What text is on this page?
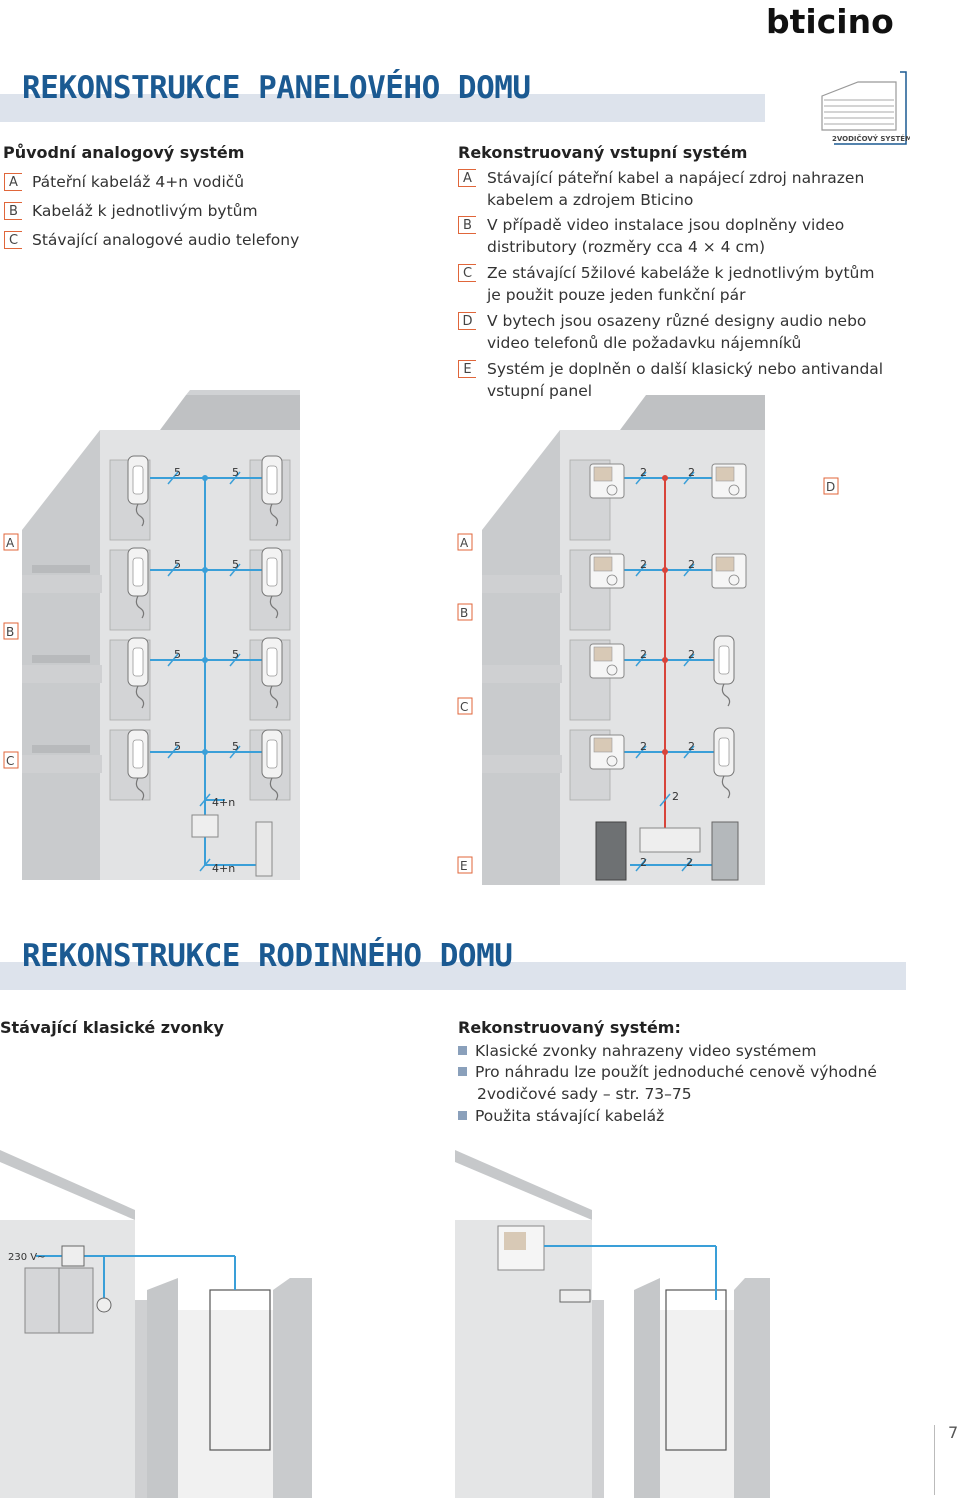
bticino
REKONSTRUKCE PANELOVÉHO DOMU
2VODIČOVÝ SYSTÉM
Původní analogový systém
A Páteřní kabeláž 4+n vodičů
B Kabeláž k jednotlivým bytům
C Stávající analogové audio telefony
Rekonstruovaný vstupní systém
A Stávající páteřní kabel a napájecí zdroj nahrazen
kabelem a zdrojem Bticino
B V případě video instalace jsou doplněny video
distributory (rozměry cca 4 × 4 cm)
C Ze stávající 5žilové kabeláže k jednotlivým bytům
je použit pouze jeden funkční pár
D V bytech jsou osazeny různé designy audio nebo
video telefonů dle požadavku nájemníků
E Systém je doplněn o další klasický nebo antivandal
vstupní panel
5	5
5	5
5	5
5	5
4+n
4+n
2	2
2	2
2	2
2	2
2
2	2
A
B
C
A
B
C
D
E
REKONSTRUKCE RODINNÉHO DOMU
Stávající klasické zvonky	Rekonstruovaný systém:
Klasické zvonky nahrazeny video systémem
Pro náhradu lze použít jednoduché cenově výhodné
2vodičové sady – str. 73–75
Použita stávající kabeláž
230 V~
7
